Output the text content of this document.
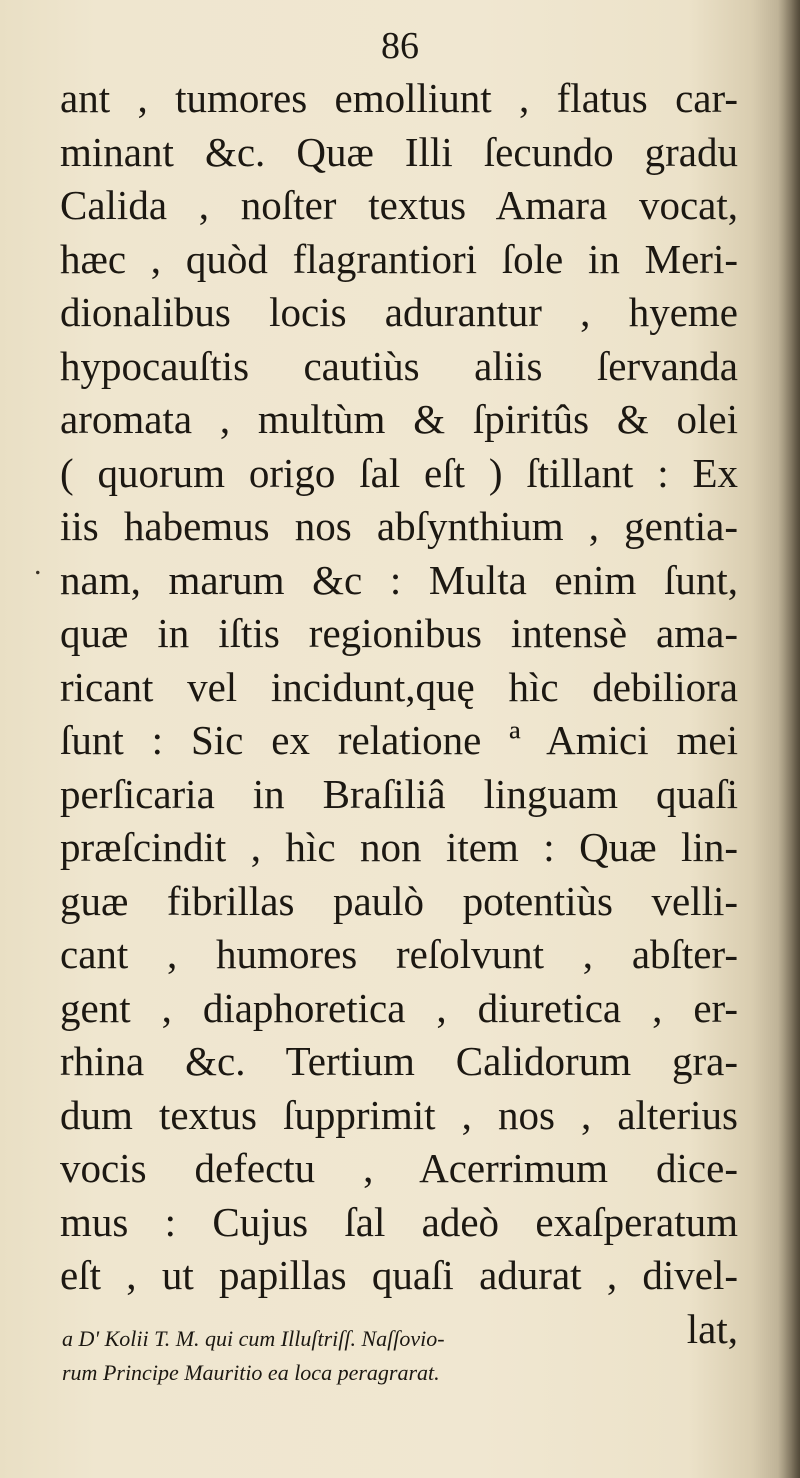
86
ant , tumores emolliunt , flatus car-
minant &c. Quæ Illi ſecundo gradu
Calida , noſter textus Amara vocat,
hæc , quòd flagrantiori ſole in Meri-
dionalibus locis adurantur , hyeme
hypocauſtis cautiùs aliis ſervanda
aromata , multùm & ſpiritûs & olei
( quorum origo ſal eſt ) ſtillant : Ex
iis habemus nos abſynthium , gentia-
nam, marum &c : Multa enim ſunt,
quæ in iſtis regionibus intensè ama-
ricant vel incidunt,quę hìc debiliora
ſunt : Sic ex relatione ª Amici mei
perſicaria in Braſiliâ linguam quaſi
præſcindit , hìc non item : Quæ lin-
guæ fibrillas paulò potentiùs velli-
cant , humores reſolvunt , abſter-
gent , diaphoretica , diuretica , er-
rhina &c. Tertium Calidorum gra-
dum textus ſupprimit , nos , alterius
vocis defectu , Acerrimum dice-
mus : Cujus ſal adeò exaſperatum
eſt , ut papillas quaſi adurat , divel-
lat,
.
a D' Kolii T. M. qui cum Illuſtriſſ. Naſſovio-
rum Principe Mauritio ea loca peragrarat.
